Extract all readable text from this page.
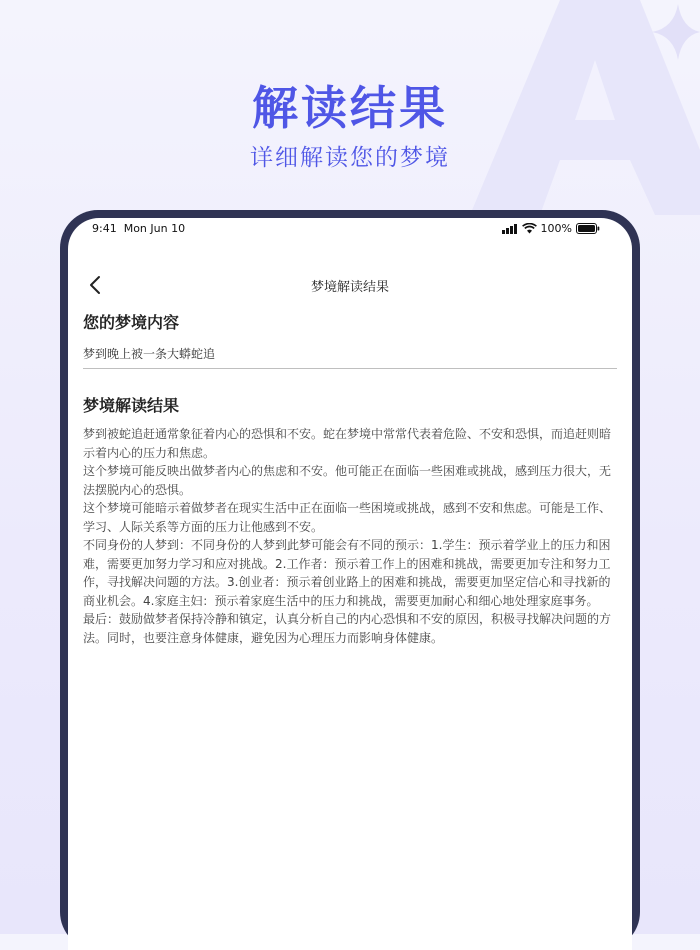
解读结果
详细解读您的梦境
9:41 Mon Jun 10	100%
梦境解读结果
您的梦境内容
梦到晚上被一条大蟒蛇追
梦境解读结果

梦到被蛇追赶通常象征着内心的恐惧和不安。蛇在梦境中常常代表着危险、不安和恐惧，而追赶则暗示着内心的压力和焦虑。

这个梦境可能反映出做梦者内心的焦虑和不安。他可能正在面临一些困难或挑战，感到压力很大，无法摆脱内心的恐惧。

这个梦境可能暗示着做梦者在现实生活中正在面临一些困境或挑战，感到不安和焦虑。可能是工作、学习、人际关系等方面的压力让他感到不安。

不同身份的人梦到：不同身份的人梦到此梦可能会有不同的预示：1.学生：预示着学业上的压力和困难，需要更加努力学习和应对挑战。2.工作者：预示着工作上的困难和挑战，需要更加专注和努力工作，寻找解决问题的方法。3.创业者：预示着创业路上的困难和挑战，需要更加坚定信心和寻找新的商业机会。4.家庭主妇：预示着家庭生活中的压力和挑战，需要更加耐心和细心地处理家庭事务。

最后：鼓励做梦者保持冷静和镇定，认真分析自己的内心恐惧和不安的原因，积极寻找解决问题的方法。同时，也要注意身体健康，避免因为心理压力而影响身体健康。
